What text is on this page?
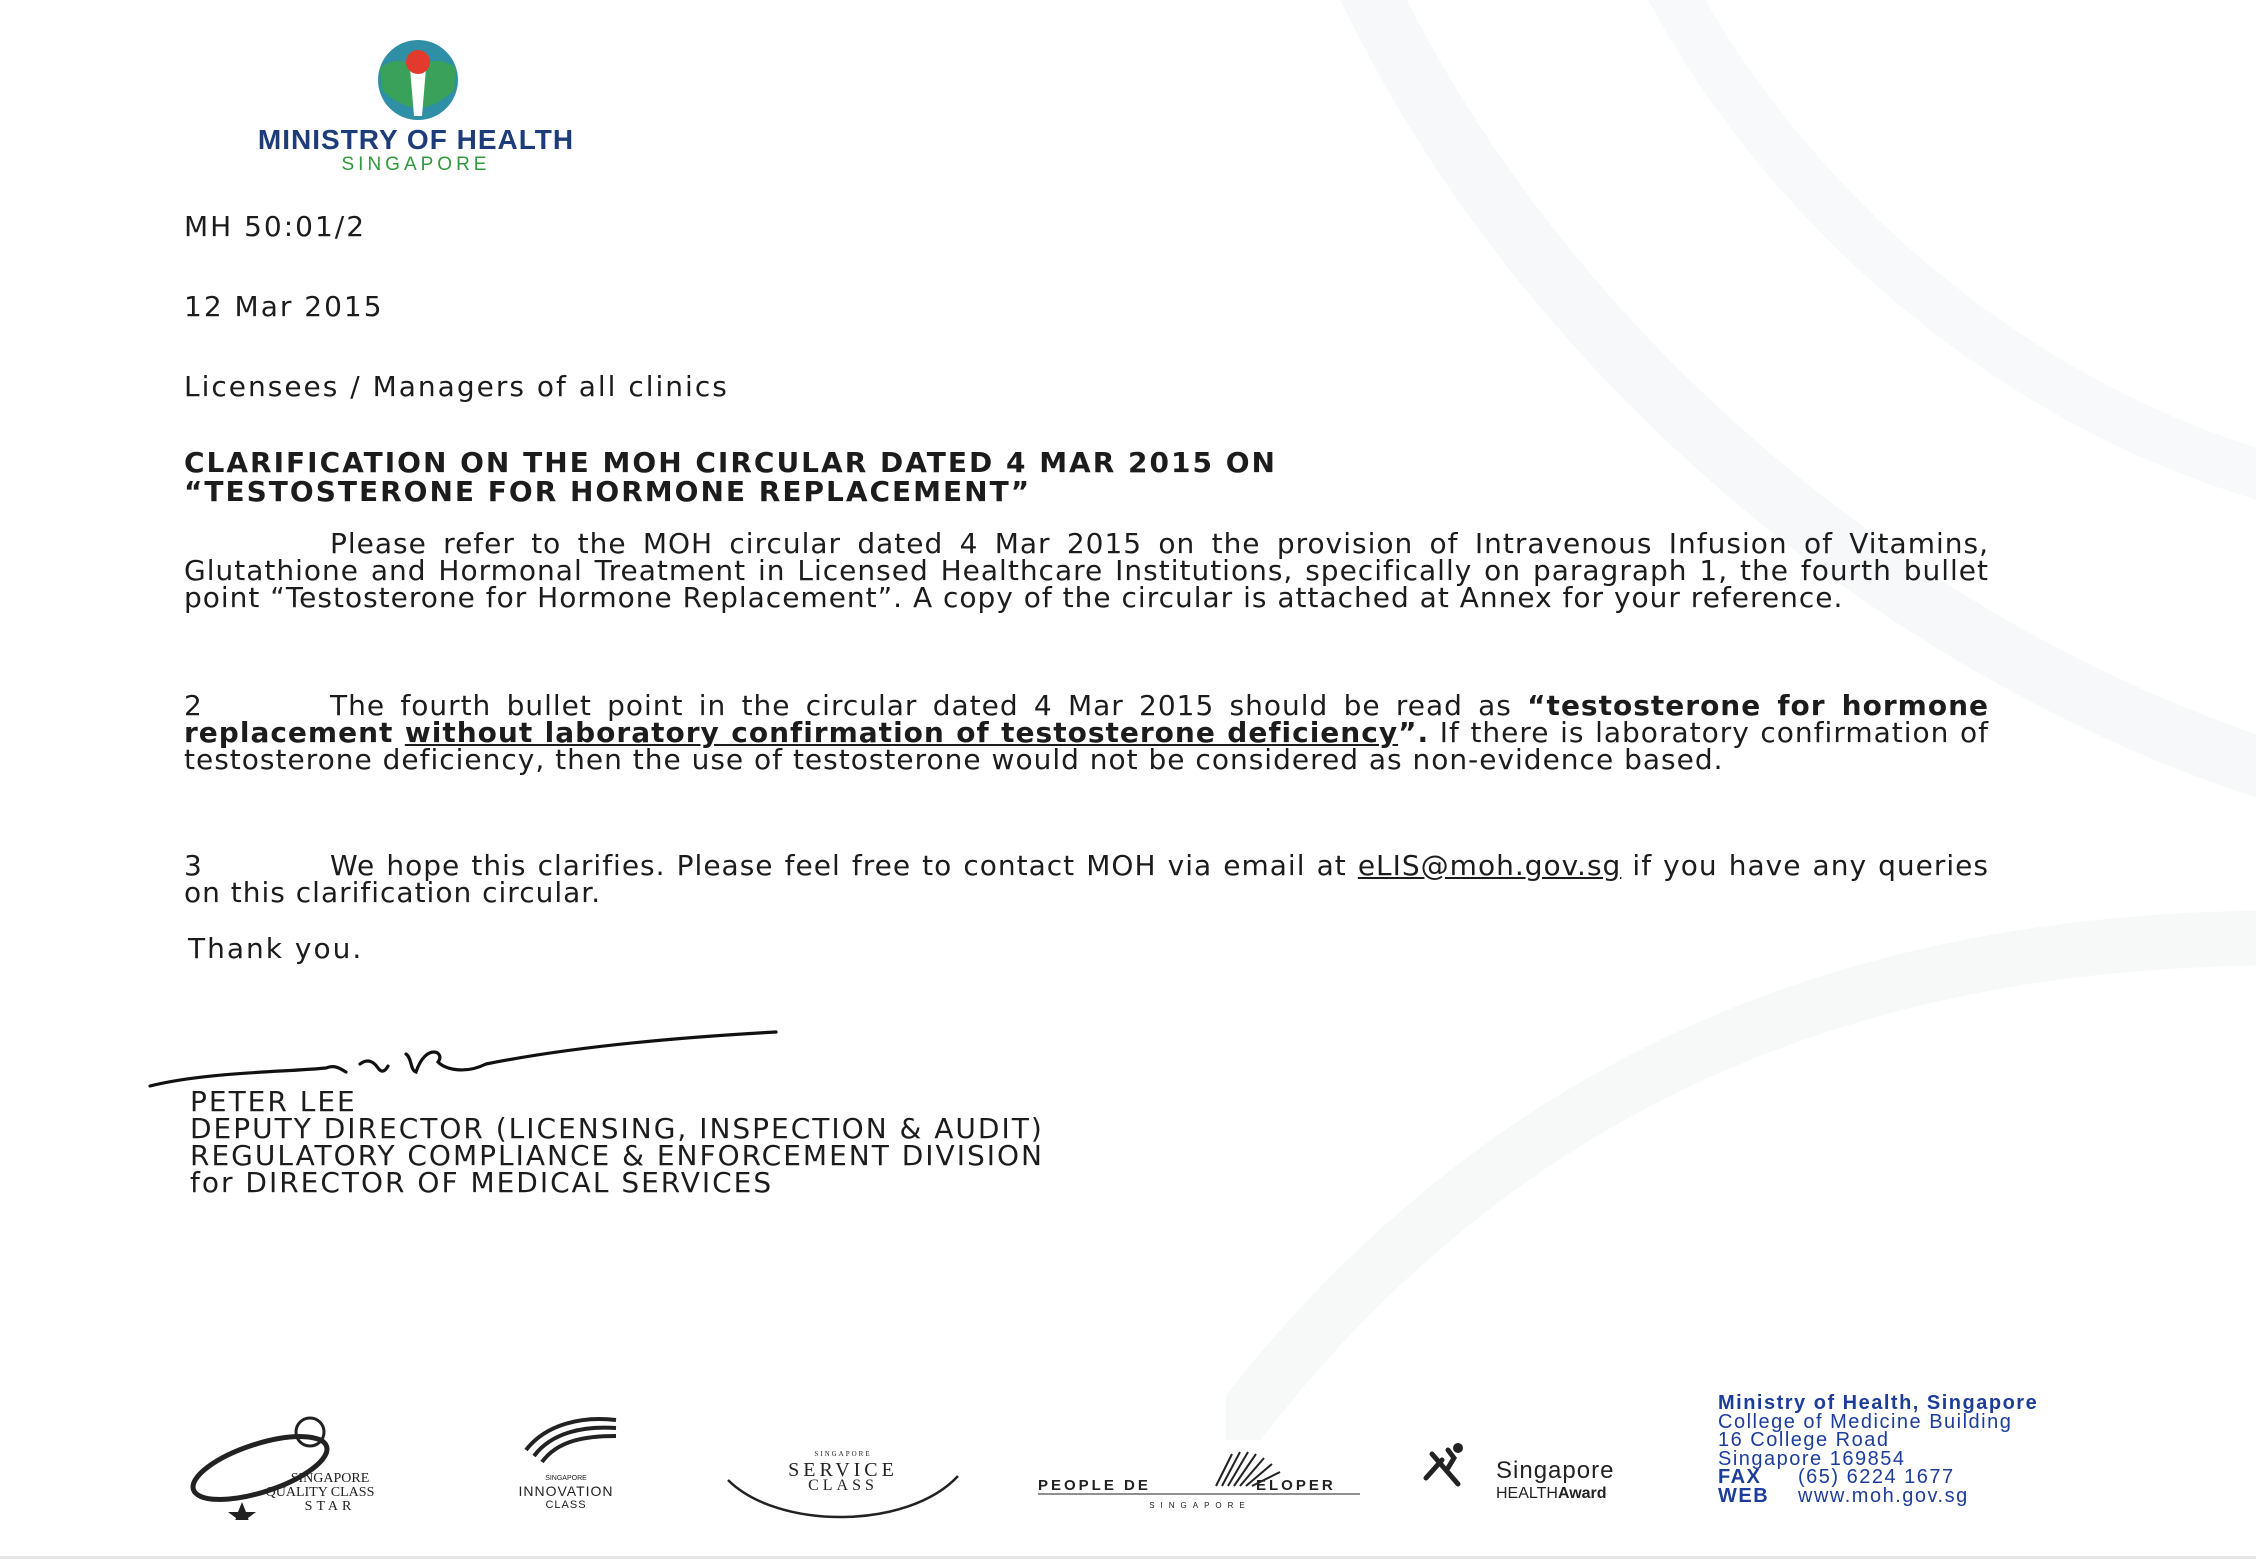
MINISTRY OF HEALTH
SINGAPORE
MH 50:01/2
12 Mar 2015
Licensees / Managers of all clinics
CLARIFICATION ON THE MOH CIRCULAR DATED 4 MAR 2015 ON
“TESTOSTERONE FOR HORMONE REPLACEMENT”
Please refer to the MOH circular dated 4 Mar 2015 on the provision of Intravenous Infusion of Vitamins, Glutathione and Hormonal Treatment in Licensed Healthcare Institutions, specifically on paragraph 1, the fourth bullet point “Testosterone for Hormone Replacement”. A copy of the circular is attached at Annex for your reference.
2	The fourth bullet point in the circular dated 4 Mar 2015 should be read as “testosterone for hormone replacement without laboratory confirmation of testosterone deficiency”. If there is laboratory confirmation of testosterone deficiency, then the use of testosterone would not be considered as non-evidence based.
3	We hope this clarifies. Please feel free to contact MOH via email at eLIS@moh.gov.sg if you have any queries on this clarification circular.
Thank you.
PETER LEE
DEPUTY DIRECTOR (LICENSING, INSPECTION & AUDIT)
REGULATORY COMPLIANCE & ENFORCEMENT DIVISION
for DIRECTOR OF MEDICAL SERVICES
SINGAPORE
QUALITY CLASS
STAR
SINGAPORE
INNOVATION
CLASS
SINGAPORE
SERVICE
CLASS	PEOPLE DE	ELOPER
SINGAPORE
Singapore
HEALTHAward
Ministry of Health, Singapore
College of Medicine Building
16 College Road
Singapore 169854
FAX (65) 6224 1677
WEB www.moh.gov.sg
